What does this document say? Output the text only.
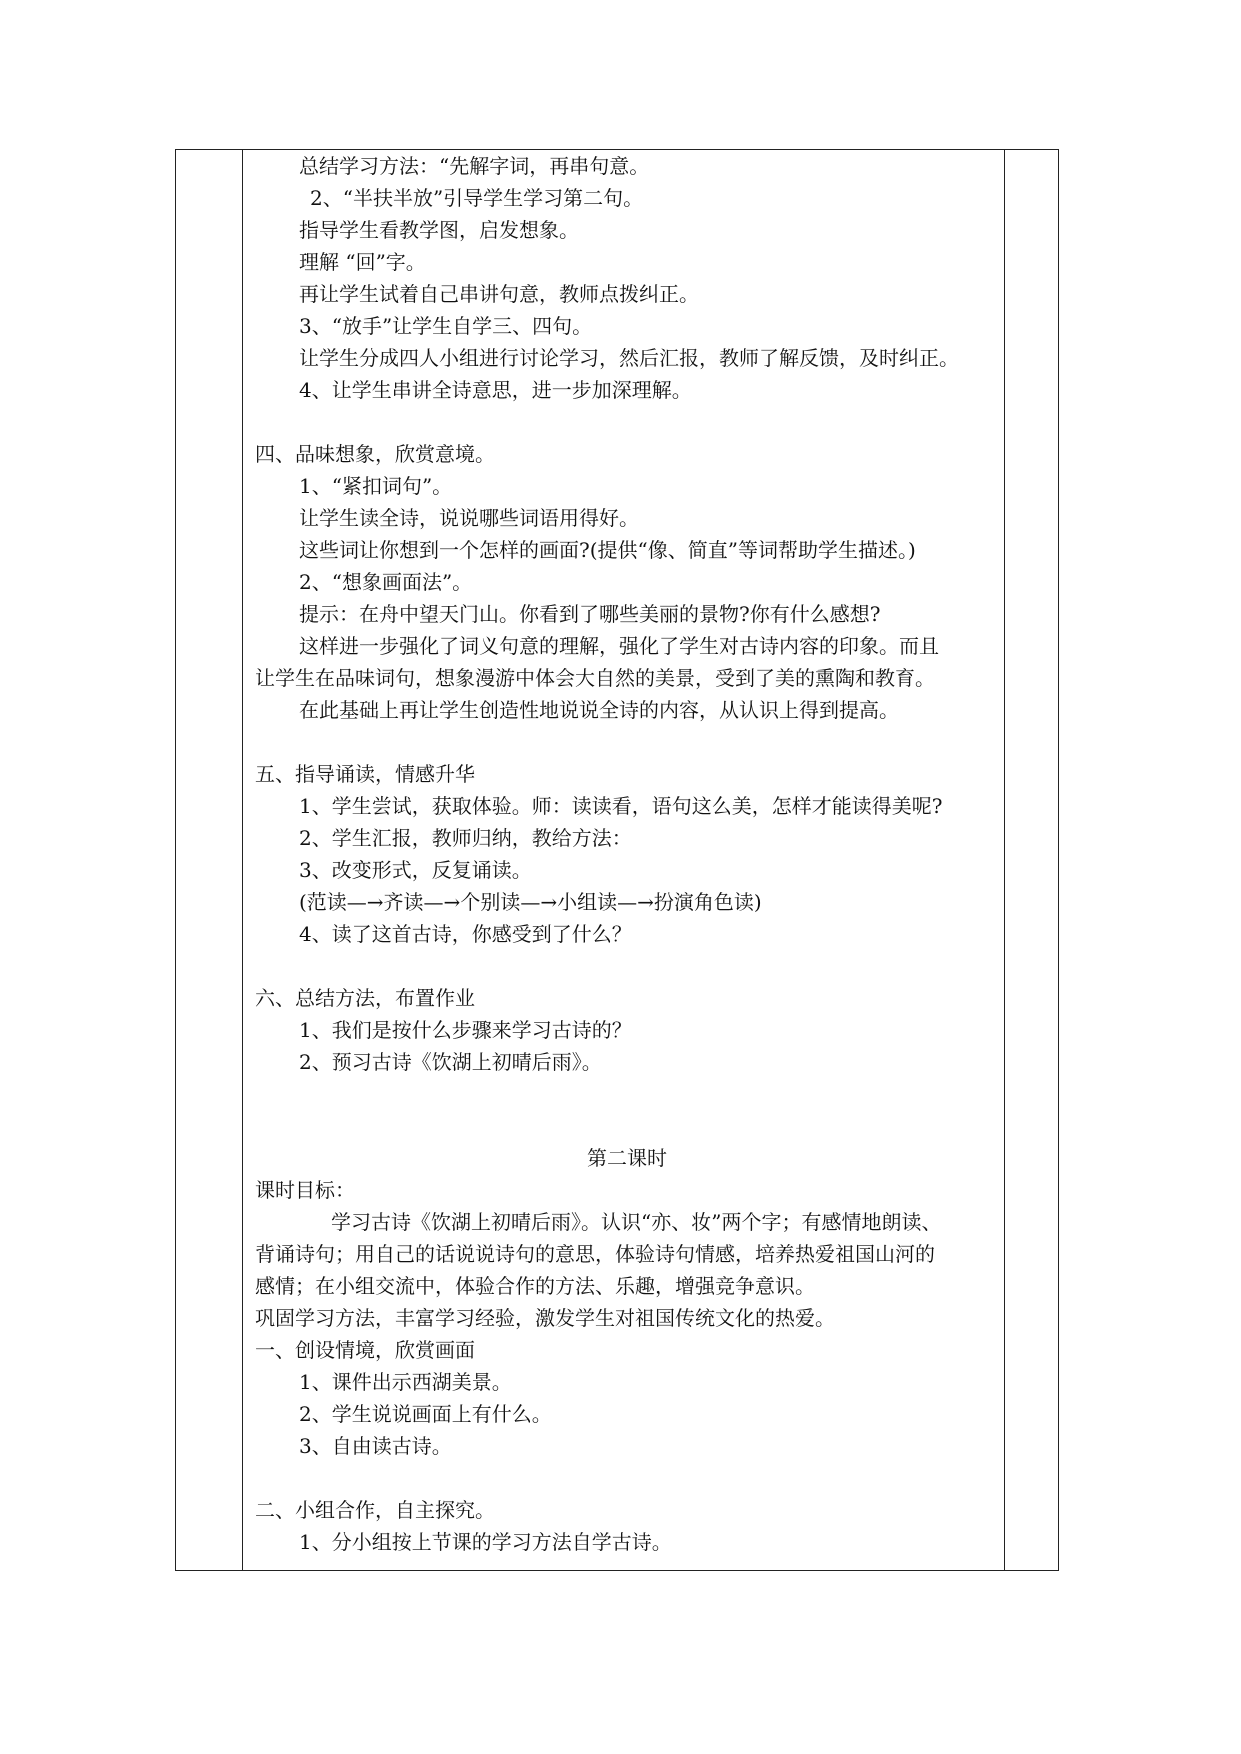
总结学习方法：“先解字词，再串句意。
2、“半扶半放”引导学生学习第二句。
指导学生看教学图，启发想象。
理解 “回”字。
再让学生试着自己串讲句意，教师点拨纠正。
3、“放手”让学生自学三、四句。
让学生分成四人小组进行讨论学习，然后汇报，教师了解反馈，及时纠正。
4、让学生串讲全诗意思，进一步加深理解。
四、品味想象，欣赏意境。
1、“紧扣词句”。
让学生读全诗，说说哪些词语用得好。
这些词让你想到一个怎样的画面?(提供“像、简直”等词帮助学生描述。)
2、“想象画面法”。
提示：在舟中望天门山。你看到了哪些美丽的景物?你有什么感想?
这样进一步强化了词义句意的理解，强化了学生对古诗内容的印象。而且
让学生在品味词句，想象漫游中体会大自然的美景，受到了美的熏陶和教育。
在此基础上再让学生创造性地说说全诗的内容，从认识上得到提高。
五、指导诵读，情感升华
1、学生尝试，获取体验。师：读读看，语句这么美，怎样才能读得美呢?
2、学生汇报，教师归纳，教给方法：
3、改变形式，反复诵读。
(范读—→齐读—→个别读—→小组读—→扮演角色读)
4、读了这首古诗，你感受到了什么？
六、总结方法，布置作业
1、我们是按什么步骤来学习古诗的？
2、预习古诗《饮湖上初晴后雨》。
第二课时
课时目标：
学习古诗《饮湖上初晴后雨》。认识“亦、妆”两个字；有感情地朗读、
背诵诗句；用自己的话说说诗句的意思，体验诗句情感，培养热爱祖国山河的
感情；在小组交流中，体验合作的方法、乐趣，增强竞争意识。
巩固学习方法，丰富学习经验，激发学生对祖国传统文化的热爱。
一、创设情境，欣赏画面
1、课件出示西湖美景。
2、学生说说画面上有什么。
3、自由读古诗。
二、小组合作，自主探究。
1、分小组按上节课的学习方法自学古诗。
